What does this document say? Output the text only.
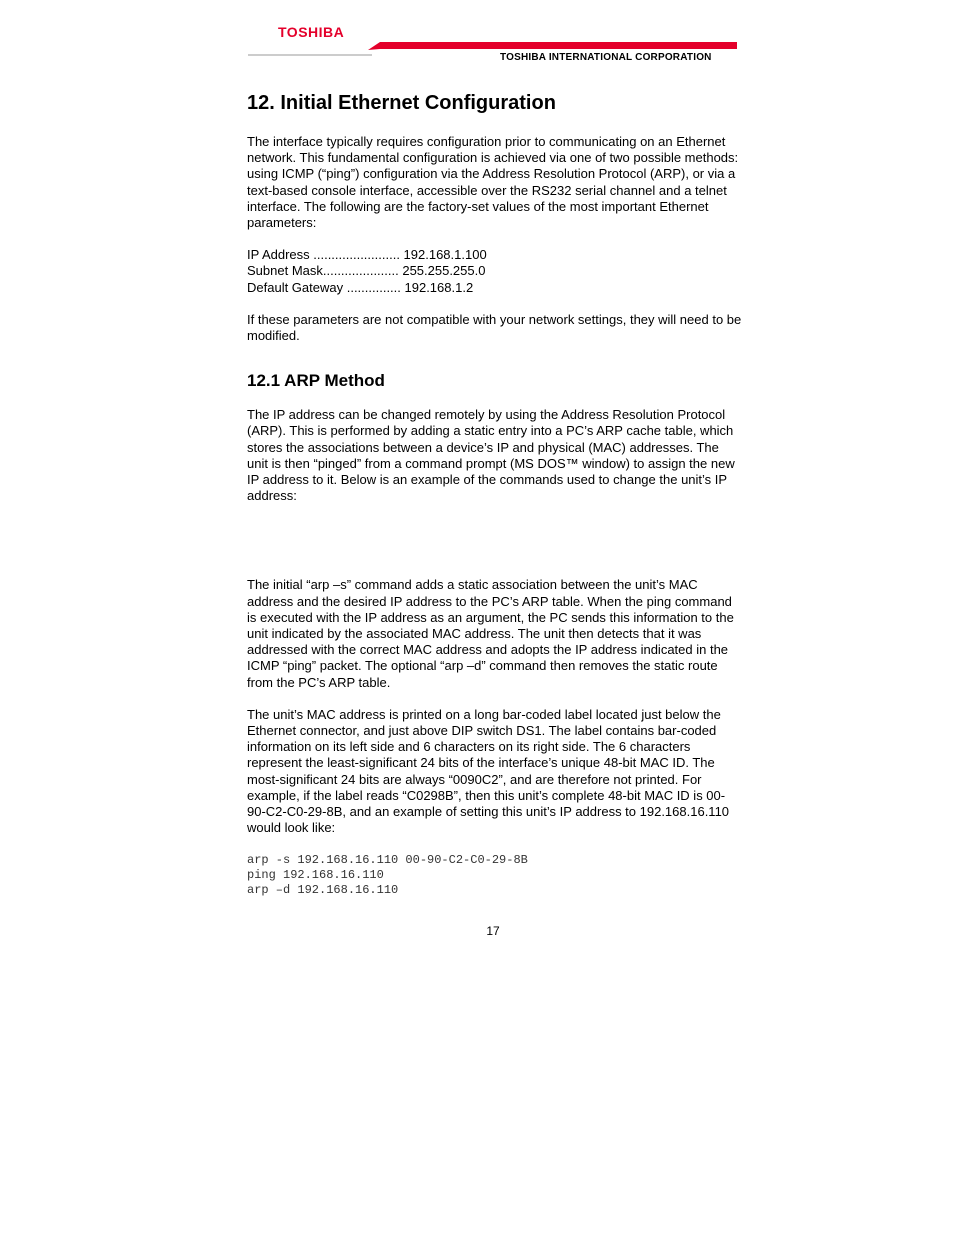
TOSHIBA
TOSHIBA INTERNATIONAL CORPORATION
12. Initial Ethernet Configuration

The interface typically requires configuration prior to communicating on an Ethernet network. This fundamental configuration is achieved via one of two possible methods: using ICMP (“ping”) configuration via the Address Resolution Protocol (ARP), or via a text-based console interface, accessible over the RS232 serial channel and a telnet interface. The following are the factory-set values of the most important Ethernet parameters:

IP Address ........................ 192.168.1.100
Subnet Mask..................... 255.255.255.0
Default Gateway ............... 192.168.1.2

If these parameters are not compatible with your network settings, they will need to be modified.

12.1 ARP Method

The IP address can be changed remotely by using the Address Resolution Protocol (ARP). This is performed by adding a static entry into a PC’s ARP cache table, which stores the associations between a device’s IP and physical (MAC) addresses. The unit is then “pinged” from a command prompt (MS DOS™ window) to assign the new IP address to it. Below is an example of the commands used to change the unit’s IP address:

The initial “arp –s” command adds a static association between the unit’s MAC address and the desired IP address to the PC’s ARP table. When the ping command is executed with the IP address as an argument, the PC sends this information to the unit indicated by the associated MAC address. The unit then detects that it was addressed with the correct MAC address and adopts the IP address indicated in the ICMP “ping” packet. The optional “arp –d” command then removes the static route from the PC’s ARP table.

The unit’s MAC address is printed on a long bar-coded label located just below the Ethernet connector, and just above DIP switch DS1. The label contains bar-coded information on its left side and 6 characters on its right side. The 6 characters represent the least-significant 24 bits of the interface’s unique 48-bit MAC ID. The most-significant 24 bits are always “0090C2”, and are therefore not printed. For example, if the label reads “C0298B”, then this unit’s complete 48-bit MAC ID is 00-90-C2-C0-29-8B, and an example of setting this unit’s IP address to 192.168.16.110 would look like:

arp -s 192.168.16.110 00-90-C2-C0-29-8B
ping 192.168.16.110
arp –d 192.168.16.110
17
